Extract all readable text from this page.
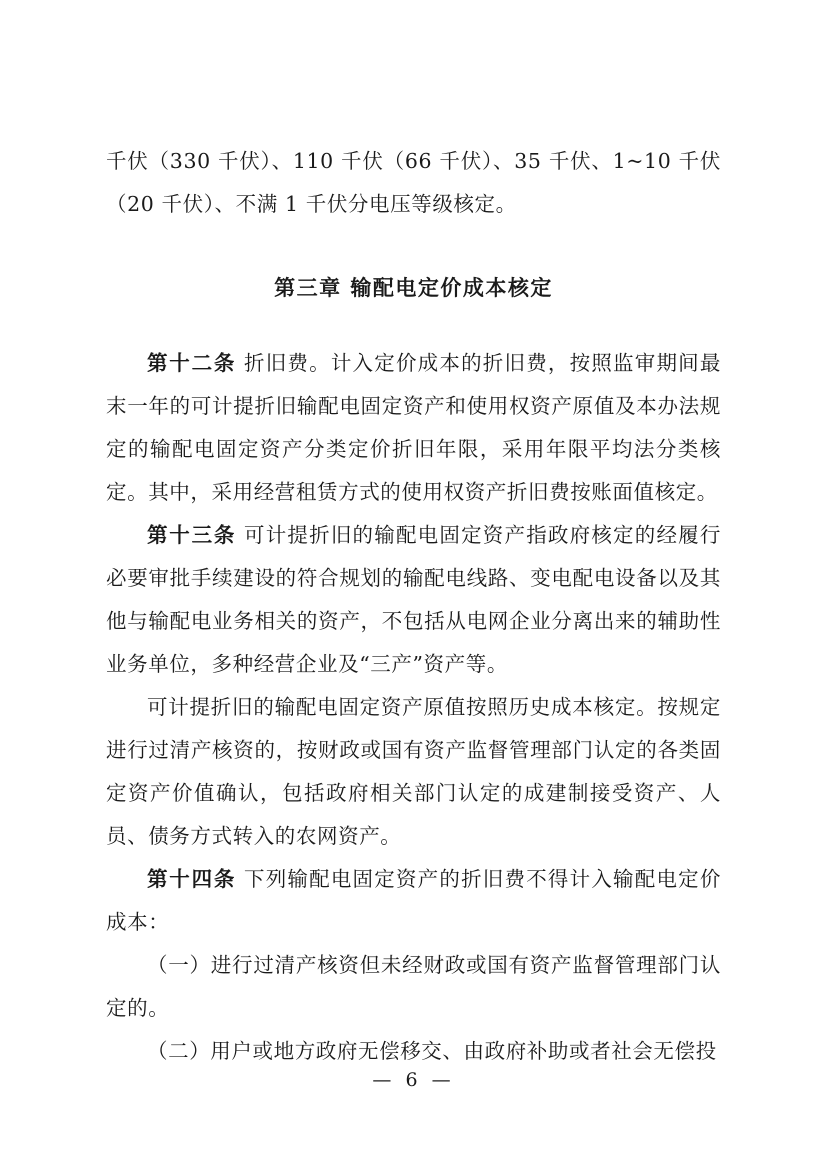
千伏（330 千伏）、110 千伏（66 千伏）、35 千伏、1~10 千伏（20 千伏）、不满 1 千伏分电压等级核定。

第三章 输配电定价成本核定

第十二条 折旧费。计入定价成本的折旧费，按照监审期间最末一年的可计提折旧输配电固定资产和使用权资产原值及本办法规定的输配电固定资产分类定价折旧年限，采用年限平均法分类核定。其中，采用经营租赁方式的使用权资产折旧费按账面值核定。

第十三条 可计提折旧的输配电固定资产指政府核定的经履行必要审批手续建设的符合规划的输配电线路、变电配电设备以及其他与输配电业务相关的资产，不包括从电网企业分离出来的辅助性业务单位，多种经营企业及“三产”资产等。

可计提折旧的输配电固定资产原值按照历史成本核定。按规定进行过清产核资的，按财政或国有资产监督管理部门认定的各类固定资产价值确认，包括政府相关部门认定的成建制接受资产、人员、债务方式转入的农网资产。

第十四条 下列输配电固定资产的折旧费不得计入输配电定价成本：

（一）进行过清产核资但未经财政或国有资产监督管理部门认定的。

（二）用户或地方政府无偿移交、由政府补助或者社会无偿投

— 6 —
